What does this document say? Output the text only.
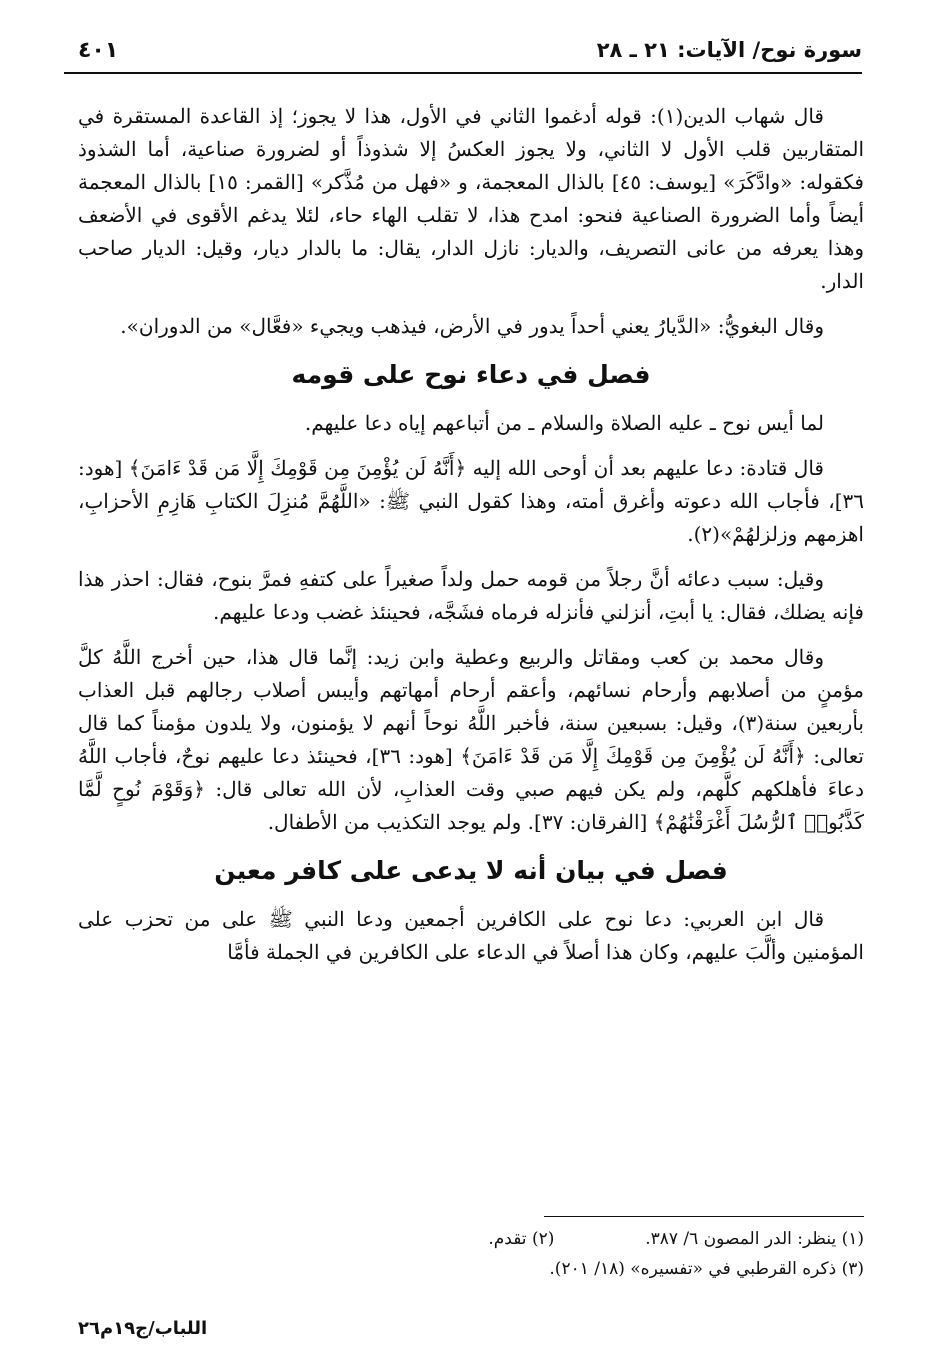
٤٠١	سورة نوح/ الآيات: ٢١ ـ ٢٨

قال شهاب الدين(١): قوله أدغموا الثاني في الأول، هذا لا يجوز؛ إذ القاعدة المستقرة في المتقاربين قلب الأول لا الثاني، ولا يجوز العكسُ إلا شذوذاً أو لضرورة صناعية، أما الشذوذ فكقوله: «وادَّكَرَ» [يوسف: ٤٥] بالذال المعجمة، و «فهل من مُذَّكر» [القمر: ١٥] بالذال المعجمة أيضاً وأما الضرورة الصناعية فنحو: امدح هذا، لا تقلب الهاء حاء، لئلا يدغم الأقوى في الأضعف وهذا يعرفه من عانى التصريف، والديار: نازل الدار، يقال: ما بالدار ديار، وقيل: الديار صاحب الدار.

وقال البغويُّ: «الدَّيارُ يعني أحداً يدور في الأرض، فيذهب ويجيء «فعَّال» من الدوران».

فصل في دعاء نوح على قومه

لما أيس نوح ـ عليه الصلاة والسلام ـ من أتباعهم إياه دعا عليهم.

قال قتادة: دعا عليهم بعد أن أوحى الله إليه ﴿أَنَّهُ لَن يُؤْمِنَ مِن قَوْمِكَ إِلَّا مَن قَدْ ءَامَنَ﴾ [هود: ٣٦]، فأجاب الله دعوته وأغرق أمته، وهذا كقول النبي ﷺ: «اللَّهُمَّ مُنزِلَ الكتابِ هَازِمِ الأحزابِ، اهزمهم وزلزلهُمْ»(٢).

وقيل: سبب دعائه أنَّ رجلاً من قومه حمل ولداً صغيراً على كتفهِ فمرَّ بنوح، فقال: احذر هذا فإنه يضلك، فقال: يا أبتِ، أنزلني فأنزله فرماه فشَجَّه، فحينئذ غضب ودعا عليهم.

وقال محمد بن كعب ومقاتل والربيع وعطية وابن زيد: إنَّما قال هذا، حين أخرج اللَّهُ كلَّ مؤمنٍ من أصلابهم وأرحام نسائهم، وأعقم أرحام أمهاتهم وأيبس أصلاب رجالهم قبل العذاب بأربعين سنة(٣)، وقيل: بسبعين سنة، فأخبر اللَّهُ نوحاً أنهم لا يؤمنون، ولا يلدون مؤمناً كما قال تعالى: ﴿أَنَّهُ لَن يُؤْمِنَ مِن قَوْمِكَ إِلَّا مَن قَدْ ءَامَنَ﴾ [هود: ٣٦]، فحينئذ دعا عليهم نوحٌ، فأجاب اللَّهُ دعاءَ فأهلكهم كلَّهم، ولم يكن فيهم صبي وقت العذابِ، لأن الله تعالى قال: ﴿وَقَوْمَ نُوحٍ لَّمَّا كَذَّبُوا۟ ٱلرُّسُلَ أَغْرَقْنَٰهُمْ﴾ [الفرقان: ٣٧]. ولم يوجد التكذيب من الأطفال.

فصل في بيان أنه لا يدعى على كافر معين

قال ابن العربي: دعا نوح على الكافرين أجمعين ودعا النبي ﷺ على من تحزب على المؤمنين وألَّبَ عليهم، وكان هذا أصلاً في الدعاء على الكافرين في الجملة فأمَّا

(١) ينظر: الدر المصون ٦/ ٣٨٧.  (٢) تقدم.
(٣) ذكره القرطبي في «تفسيره» (١٨/ ٢٠١).
اللباب/ج١٩م٢٦
